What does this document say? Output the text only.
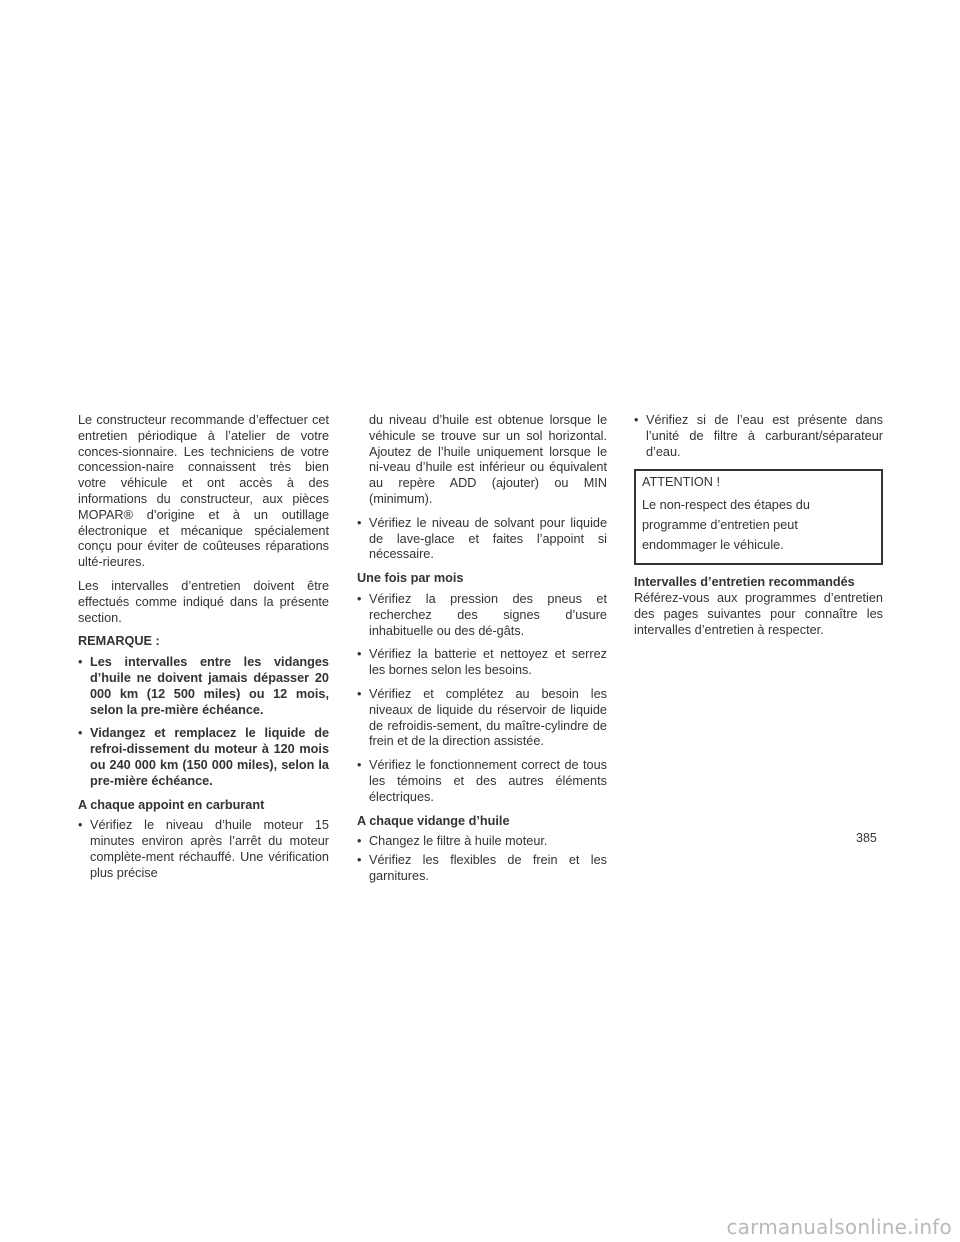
Le constructeur recommande d’effectuer cet entretien périodique à l’atelier de votre conces-sionnaire. Les techniciens de votre concession-naire connaissent très bien votre véhicule et ont accès à des informations du constructeur, aux pièces MOPAR® d’origine et à un outillage électronique et mécanique spécialement conçu pour éviter de coûteuses réparations ulté-rieures.

Les intervalles d’entretien doivent être effectués comme indiqué dans la présente section.

REMARQUE :
• Les intervalles entre les vidanges d’huile ne doivent jamais dépasser 20 000 km (12 500 miles) ou 12 mois, selon la pre-mière échéance.
• Vidangez et remplacez le liquide de refroi-dissement du moteur à 120 mois ou 240 000 km (150 000 miles), selon la pre-mière échéance.
A chaque appoint en carburant
• Vérifiez le niveau d’huile moteur 15 minutes environ après l’arrêt du moteur complète-ment réchauffé. Une vérification plus précise

du niveau d’huile est obtenue lorsque le véhicule se trouve sur un sol horizontal. Ajoutez de l’huile uniquement lorsque le ni-veau d’huile est inférieur ou équivalent au repère ADD (ajouter) ou MIN (minimum).

• Vérifiez le niveau de solvant pour liquide de lave-glace et faites l’appoint si nécessaire.
Une fois par mois
• Vérifiez la pression des pneus et recherchez des signes d’usure inhabituelle ou des dé-gâts.
• Vérifiez la batterie et nettoyez et serrez les bornes selon les besoins.
• Vérifiez et complétez au besoin les niveaux de liquide du réservoir de liquide de refroidis-sement, du maître-cylindre de frein et de la direction assistée.
• Vérifiez le fonctionnement correct de tous les témoins et des autres éléments électriques.
A chaque vidange d’huile
• Changez le filtre à huile moteur.
• Vérifiez les flexibles de frein et les garnitures.
• Vérifiez si de l’eau est présente dans l’unité de filtre à carburant/séparateur d’eau.
ATTENTION !
Le non-respect des étapes du programme d’entretien peut endommager le véhicule.
Intervalles d’entretien recommandés

Référez-vous aux programmes d’entretien des pages suivantes pour connaître les intervalles d’entretien à respecter.

385
carmanualsonline.info
